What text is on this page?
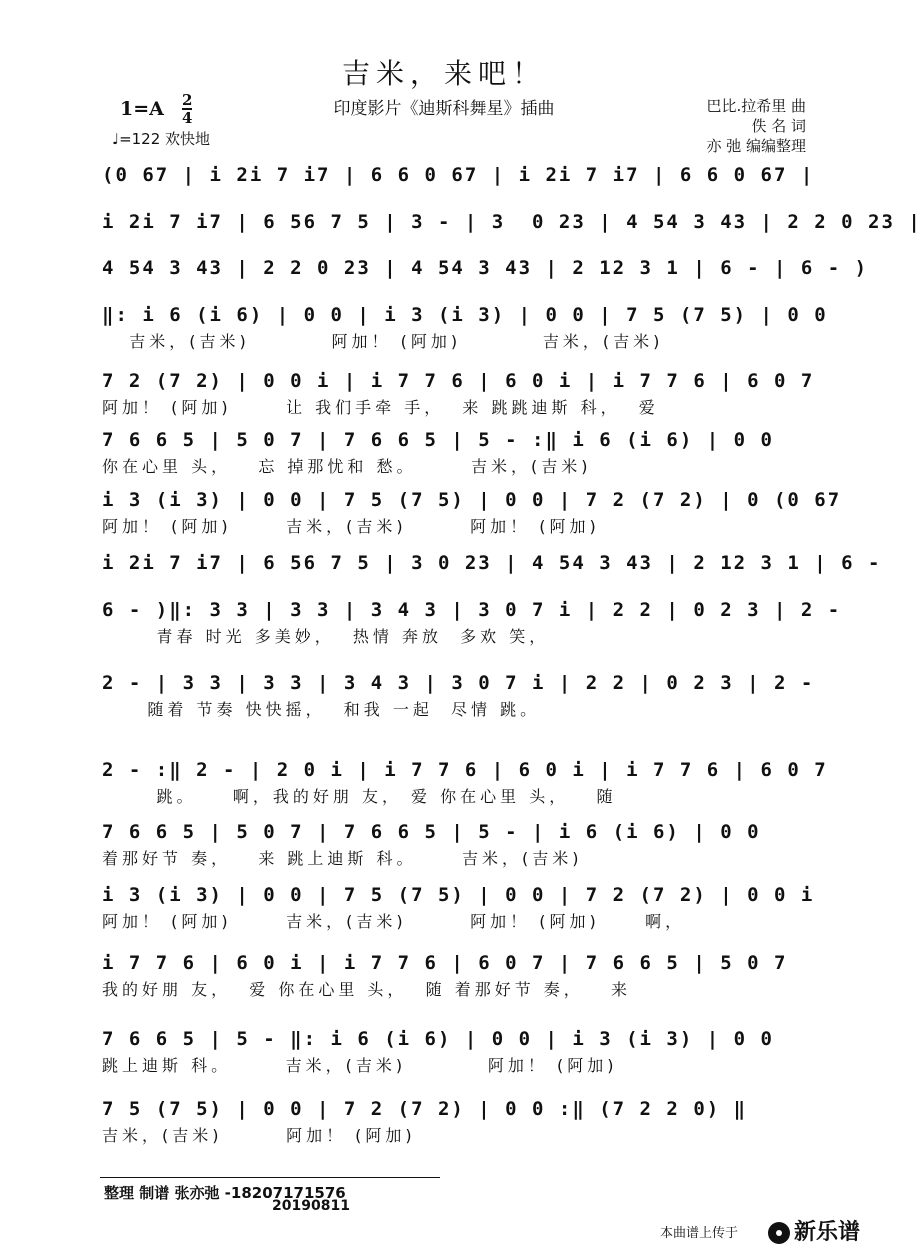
吉米，来吧！
印度影片《迪斯科舞星》插曲
1=A 2
4
♩=122 欢快地
巴比.拉希里 曲
佚 名 词
亦 弛 编编整理
(0 67 | i 2i 7 i7 | 6 6 0 67 | i 2i 7 i7 | 6 6 0 67 |
i 2i 7 i7 | 6 56 7 5 | 3 - | 3  0 23 | 4 54 3 43 | 2 2 0 23 |
4 54 3 43 | 2 2 0 23 | 4 54 3 43 | 2 12 3 1 | 6 - | 6 - )
‖: i 6 (i 6) | 0 0 | i 3 (i 3) | 0 0 | 7 5 (7 5) | 0 0
吉米，(吉米)         阿加！ (阿加)         吉米，(吉米)
7 2 (7 2) | 0 0 i | i 7 7 6 | 6 0 i | i 7 7 6 | 6 0 7
阿加！ (阿加)      让 我们手牵 手，  来 跳跳迪斯 科，  爱
7 6 6 5 | 5 0 7 | 7 6 6 5 | 5 - :‖ i 6 (i 6) | 0 0
你在心里 头，   忘 掉那忧和 愁。      吉米，(吉米)
i 3 (i 3) | 0 0 | 7 5 (7 5) | 0 0 | 7 2 (7 2) | 0 (0 67
阿加！ (阿加)      吉米，(吉米)       阿加！ (阿加)
i 2i 7 i7 | 6 56 7 5 | 3 0 23 | 4 54 3 43 | 2 12 3 1 | 6 -
6 - )‖: 3 3 | 3 3 | 3 4 3 | 3 0 7 i | 2 2 | 0 2 3 | 2 -
青春 时光 多美妙，  热情 奔放  多欢 笑，
2 - | 3 3 | 3 3 | 3 4 3 | 3 0 7 i | 2 2 | 0 2 3 | 2 -
随着 节奏 快快摇，  和我 一起  尽情 跳。
2 - :‖ 2 - | 2 0 i | i 7 7 6 | 6 0 i | i 7 7 6 | 6 0 7
跳。    啊，我的好朋 友， 爱 你在心里 头，   随
7 6 6 5 | 5 0 7 | 7 6 6 5 | 5 - | i 6 (i 6) | 0 0
着那好节 奏，   来 跳上迪斯 科。     吉米，(吉米)
i 3 (i 3) | 0 0 | 7 5 (7 5) | 0 0 | 7 2 (7 2) | 0 0 i
阿加！ (阿加)      吉米，(吉米)       阿加！ (阿加)     啊，
i 7 7 6 | 6 0 i | i 7 7 6 | 6 0 7 | 7 6 6 5 | 5 0 7
我的好朋 友，  爱 你在心里 头，  随 着那好节 奏，   来
7 6 6 5 | 5 - ‖: i 6 (i 6) | 0 0 | i 3 (i 3) | 0 0
跳上迪斯 科。      吉米，(吉米)         阿加！ (阿加)
7 5 (7 5) | 0 0 | 7 2 (7 2) | 0 0 :‖ (7 2 2 0) ‖
吉米，(吉米)       阿加！ (阿加)
整理 制谱 张亦弛 -18207171576
20190811
本曲谱上传于	新乐谱
